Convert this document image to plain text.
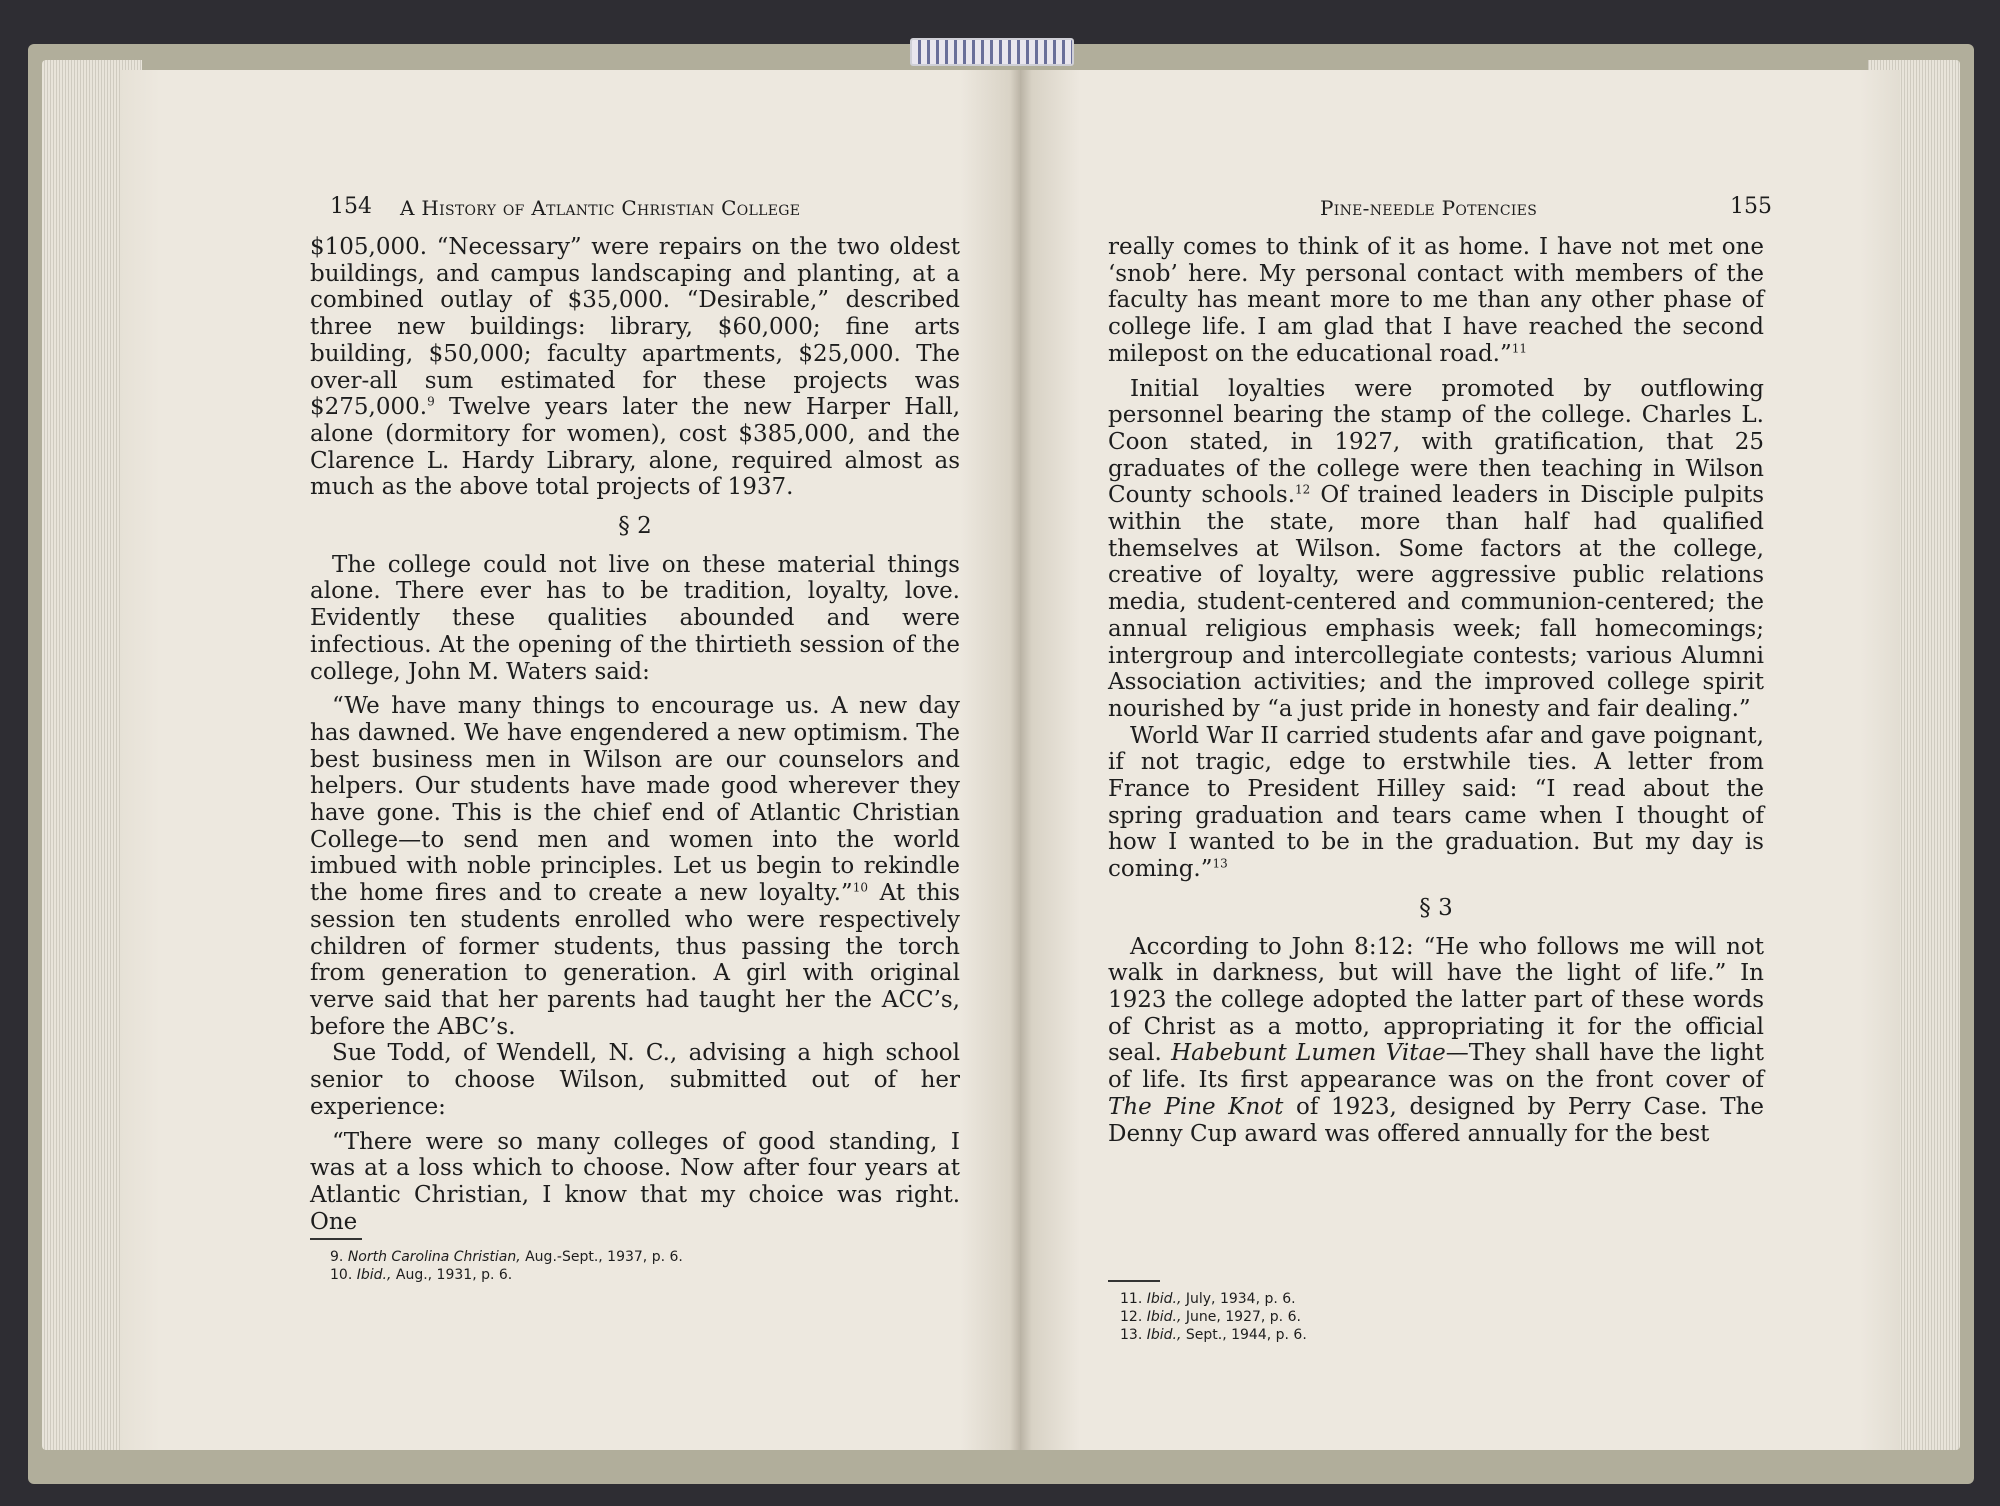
154 A History of Atlantic Christian College

$105,000. “Necessary” were repairs on the two oldest buildings, and campus landscaping and planting, at a combined outlay of $35,000. “Desirable,” described three new buildings: library, $60,000; fine arts building, $50,000; faculty apartments, $25,000. The over-all sum estimated for these projects was $275,000.$^9$ Twelve years later the new Harper Hall, alone (dormitory for women), cost $385,000, and the Clarence L. Hardy Library, alone, required almost as much as the above total projects of 1937.

§ 2

The college could not live on these material things alone. There ever has to be tradition, loyalty, love. Evidently these qualities abounded and were infectious. At the opening of the thirtieth session of the college, John M. Waters said:

“We have many things to encourage us. A new day has dawned. We have engendered a new optimism. The best business men in Wilson are our counselors and helpers. Our students have made good wherever they have gone. This is the chief end of Atlantic Christian College—to send men and women into the world imbued with noble principles. Let us begin to rekindle the home fires and to create a new loyalty.”$^{10}$ At this session ten students enrolled who were respectively children of former students, thus passing the torch from generation to generation. A girl with original verve said that her parents had taught her the ACC’s, before the ABC’s.

Sue Todd, of Wendell, N. C., advising a high school senior to choose Wilson, submitted out of her experience:

“There were so many colleges of good standing, I was at a loss which to choose. Now after four years at Atlantic Christian, I know that my choice was right. One

9. North Carolina Christian, Aug.-Sept., 1937, p. 6.
10. Ibid., Aug., 1931, p. 6.
Pine-needle Potencies	155

really comes to think of it as home. I have not met one ‘snob’ here. My personal contact with members of the faculty has meant more to me than any other phase of college life. I am glad that I have reached the second milepost on the educational road.”$^{11}$

Initial loyalties were promoted by outflowing personnel bearing the stamp of the college. Charles L. Coon stated, in 1927, with gratification, that 25 graduates of the college were then teaching in Wilson County schools.$^{12}$ Of trained leaders in Disciple pulpits within the state, more than half had qualified themselves at Wilson. Some factors at the college, creative of loyalty, were aggressive public relations media, student-centered and communion-centered; the annual religious emphasis week; fall homecomings; intergroup and intercollegiate contests; various Alumni Association activities; and the improved college spirit nourished by “a just pride in honesty and fair dealing.”

World War II carried students afar and gave poignant, if not tragic, edge to erstwhile ties. A letter from France to President Hilley said: “I read about the spring graduation and tears came when I thought of how I wanted to be in the graduation. But my day is coming.”$^{13}$

§ 3

According to John 8:12: “He who follows me will not walk in darkness, but will have the light of life.” In 1923 the college adopted the latter part of these words of Christ as a motto, appropriating it for the official seal. Habebunt Lumen Vitae—They shall have the light of life. Its first appearance was on the front cover of The Pine Knot of 1923, designed by Perry Case. The Denny Cup award was offered annually for the best

11. Ibid., July, 1934, p. 6.
12. Ibid., June, 1927, p. 6.
13. Ibid., Sept., 1944, p. 6.
